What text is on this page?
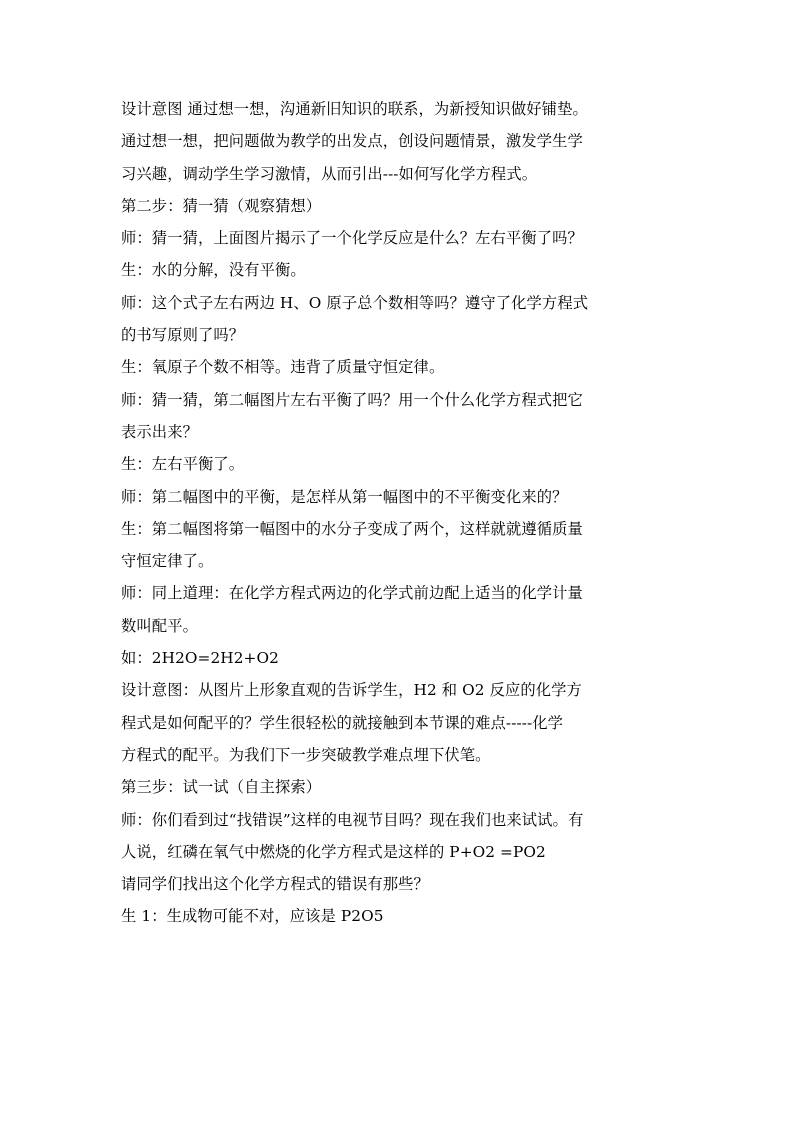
设计意图 通过想一想，沟通新旧知识的联系，为新授知识做好铺垫。

通过想一想，把问题做为教学的出发点，创设问题情景，激发学生学

习兴趣，调动学生学习激情，从而引出---如何写化学方程式。

第二步：猜一猜（观察猜想）

师：猜一猜，上面图片揭示了一个化学反应是什么？左右平衡了吗？

生：水的分解，没有平衡。

师：这个式子左右两边 H、O 原子总个数相等吗？遵守了化学方程式

的书写原则了吗？

生：氧原子个数不相等。违背了质量守恒定律。

师：猜一猜，第二幅图片左右平衡了吗？用一个什么化学方程式把它

表示出来？

生：左右平衡了。

师：第二幅图中的平衡，是怎样从第一幅图中的不平衡变化来的？

生：第二幅图将第一幅图中的水分子变成了两个，这样就就遵循质量

守恒定律了。

师：同上道理：在化学方程式两边的化学式前边配上适当的化学计量

数叫配平。

如：2H2O=2H2+O2

设计意图：从图片上形象直观的告诉学生，H2 和 O2 反应的化学方

程式是如何配平的？学生很轻松的就接触到本节课的难点-----化学

方程式的配平。为我们下一步突破教学难点埋下伏笔。

第三步：试一试（自主探索）

师：你们看到过“找错误”这样的电视节目吗？现在我们也来试试。有

人说，红磷在氧气中燃烧的化学方程式是这样的 P+O2 =PO2

请同学们找出这个化学方程式的错误有那些？

生 1：生成物可能不对，应该是 P2O5
